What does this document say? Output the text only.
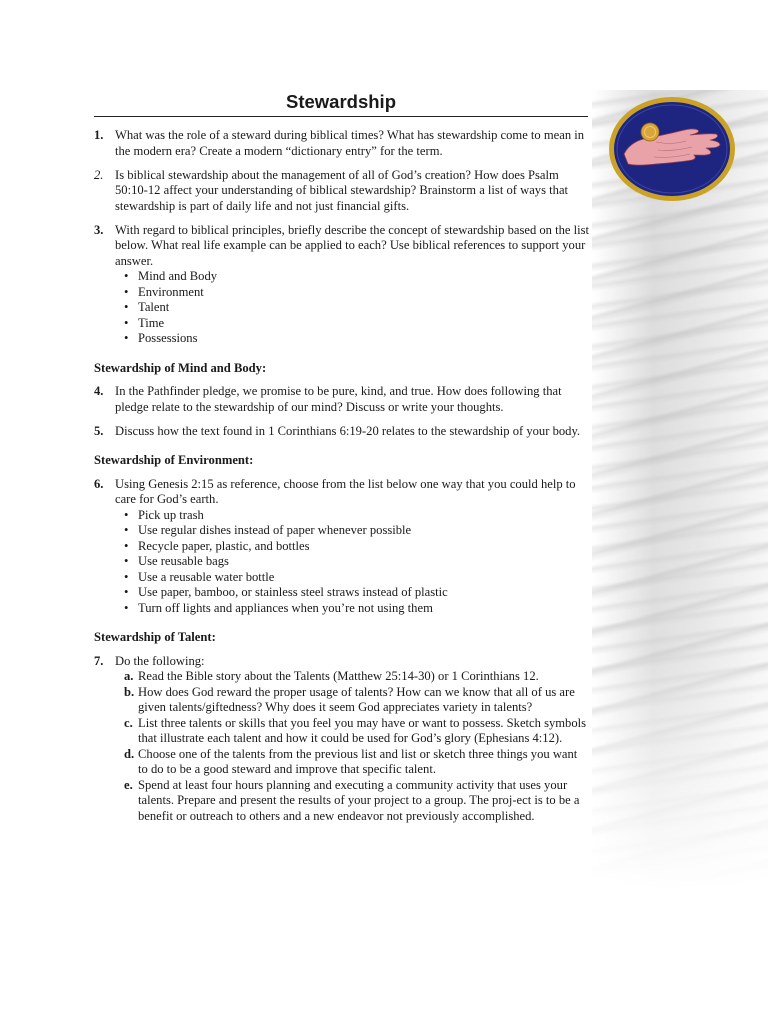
Stewardship
1. What was the role of a steward during biblical times? What has stewardship come to mean in the modern era? Create a modern “dictionary entry” for the term.
2. Is biblical stewardship about the management of all of God’s creation? How does Psalm 50:10-12 affect your understanding of biblical stewardship? Brainstorm a list of ways that stewardship is part of daily life and not just financial gifts.
3. With regard to biblical principles, briefly describe the concept of stewardship based on the list below. What real life example can be applied to each? Use biblical references to support your answer.
• Mind and Body
• Environment
• Talent
• Time
• Possessions
Stewardship of Mind and Body:
4. In the Pathfinder pledge, we promise to be pure, kind, and true. How does following that pledge relate to the stewardship of our mind? Discuss or write your thoughts.
5. Discuss how the text found in 1 Corinthians 6:19-20 relates to the stewardship of your body.
Stewardship of Environment:
6. Using Genesis 2:15 as reference, choose from the list below one way that you could help to care for God’s earth.
• Pick up trash
• Use regular dishes instead of paper whenever possible
• Recycle paper, plastic, and bottles
• Use reusable bags
• Use a reusable water bottle
• Use paper, bamboo, or stainless steel straws instead of plastic
• Turn off lights and appliances when you’re not using them
Stewardship of Talent:
7. Do the following:
a. Read the Bible story about the Talents (Matthew 25:14-30) or 1 Corinthians 12.
b. How does God reward the proper usage of talents? How can we know that all of us are given talents/giftedness? Why does it seem God appreciates variety in talents?
c. List three talents or skills that you feel you may have or want to possess. Sketch symbols that illustrate each talent and how it could be used for God’s glory (Ephesians 4:12).
d. Choose one of the talents from the previous list and list or sketch three things you want to do to be a good steward and improve that specific talent.
e. Spend at least four hours planning and executing a community activity that uses your talents. Prepare and present the results of your project to a group. The proj-ect is to be a benefit or outreach to others and a new endeavor not previously accomplished.
